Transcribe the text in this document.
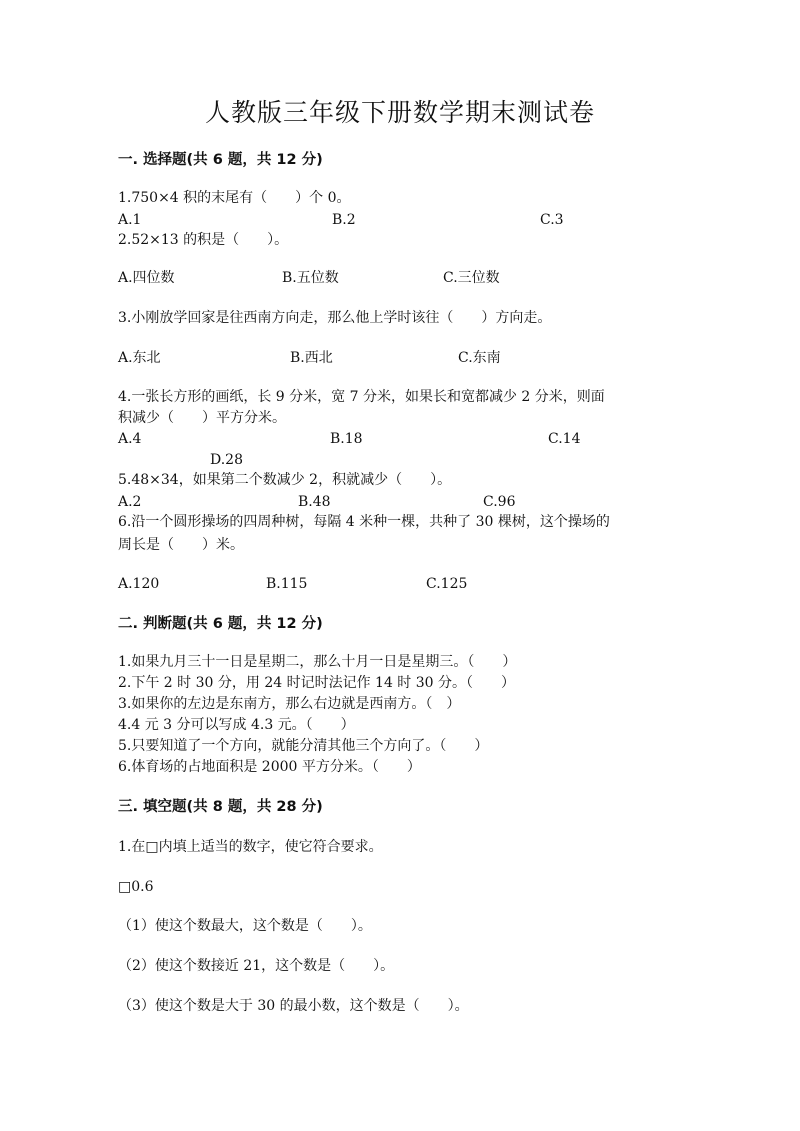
人教版三年级下册数学期末测试卷
一. 选择题(共 6 题，共 12 分)
1.750×4 积的末尾有（　　）个 0。
A.1	B.2	C.3
2.52×13 的积是（　　）。
A.四位数	B.五位数	C.三位数
3.小刚放学回家是往西南方向走，那么他上学时该往（　　）方向走。
A.东北	B.西北	C.东南
4.一张长方形的画纸，长 9 分米，宽 7 分米，如果长和宽都减少 2 分米，则面
积减少（　　）平方分米。
A.4	B.18	C.14
D.28
5.48×34，如果第二个数减少 2，积就减少（　　）。
A.2	B.48	C.96
6.沿一个圆形操场的四周种树，每隔 4 米种一棵，共种了 30 棵树，这个操场的
周长是（　　）米。
A.120	B.115	C.125
二. 判断题(共 6 题，共 12 分)
1.如果九月三十一日是星期二，那么十月一日是星期三。（　　）
2.下午 2 时 30 分，用 24 时记时法记作 14 时 30 分。（　　）
3.如果你的左边是东南方，那么右边就是西南方。（　）
4.4 元 3 分可以写成 4.3 元。（　　）
5.只要知道了一个方向，就能分清其他三个方向了。（　　）
6.体育场的占地面积是 2000 平方分米。（　　）
三. 填空题(共 8 题，共 28 分)
1.在□内填上适当的数字，使它符合要求。
□0.6
（1）使这个数最大，这个数是（　　）。
（2）使这个数接近 21，这个数是（　　）。
（3）使这个数是大于 30 的最小数，这个数是（　　）。
